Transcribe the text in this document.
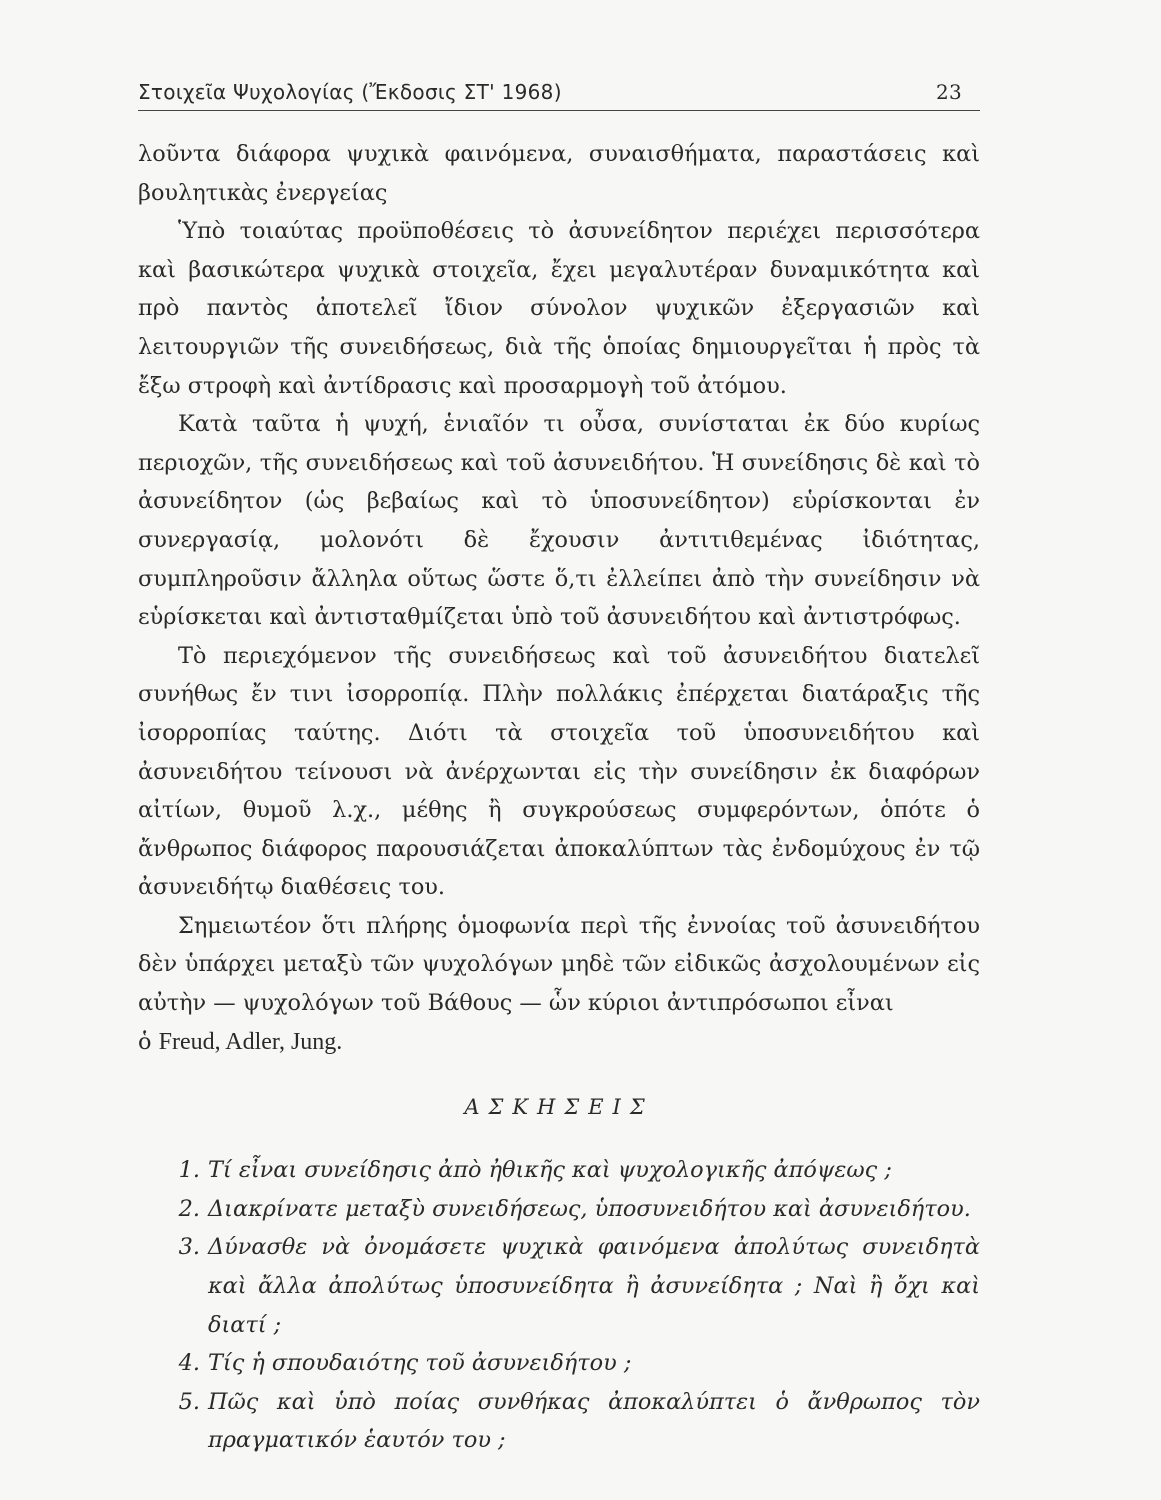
Στοιχεῖα Ψυχολογίας (Ἔκδοσις ΣΤ' 1968)	23

λοῦντα διάφορα ψυχικὰ φαινόμενα, συναισθήματα, παραστάσεις καὶ βουλητικὰς ἐνεργείας

Ὑπὸ τοιαύτας προϋποθέσεις τὸ ἀσυνείδητον περιέχει περισσότερα καὶ βασικώτερα ψυχικὰ στοιχεῖα, ἔχει μεγαλυτέραν δυναμικότητα καὶ πρὸ παντὸς ἀποτελεῖ ἴδιον σύνολον ψυχικῶν ἐξεργασιῶν καὶ λειτουργιῶν τῆς συνειδήσεως, διὰ τῆς ὁποίας δημιουργεῖται ἡ πρὸς τὰ ἔξω στροφὴ καὶ ἀντίδρασις καὶ προσαρμογὴ τοῦ ἀτόμου.

Κατὰ ταῦτα ἡ ψυχή, ἑνιαῖόν τι οὖσα, συνίσταται ἐκ δύο κυρίως περιοχῶν, τῆς συνειδήσεως καὶ τοῦ ἀσυνειδήτου. Ἡ συνείδησις δὲ καὶ τὸ ἀσυνείδητον (ὡς βεβαίως καὶ τὸ ὑποσυνείδητον) εὑρίσκονται ἐν συνεργασίᾳ, μολονότι δὲ ἔχουσιν ἀντιτιθεμένας ἰδιότητας, συμπληροῦσιν ἄλληλα οὕτως ὥστε ὅ,τι ἐλλείπει ἀπὸ τὴν συνείδησιν νὰ εὑρίσκεται καὶ ἀντισταθμίζεται ὑπὸ τοῦ ἀσυνειδήτου καὶ ἀντιστρόφως.

Τὸ περιεχόμενον τῆς συνειδήσεως καὶ τοῦ ἀσυνειδήτου διατελεῖ συνήθως ἔν τινι ἰσορροπίᾳ. Πλὴν πολλάκις ἐπέρχεται διατάραξις τῆς ἰσορροπίας ταύτης. Διότι τὰ στοιχεῖα τοῦ ὑποσυνειδήτου καὶ ἀσυνειδήτου τείνουσι νὰ ἀνέρχωνται εἰς τὴν συνείδησιν ἐκ διαφόρων αἰτίων, θυμοῦ λ.χ., μέθης ἢ συγκρούσεως συμφερόντων, ὁπότε ὁ ἄνθρωπος διάφορος παρουσιάζεται ἀποκαλύπτων τὰς ἐνδομύχους ἐν τῷ ἀσυνειδήτῳ διαθέσεις του.

Σημειωτέον ὅτι πλήρης ὁμοφωνία περὶ τῆς ἐννοίας τοῦ ἀσυνειδήτου δὲν ὑπάρχει μεταξὺ τῶν ψυχολόγων μηδὲ τῶν εἰδικῶς ἀσχολουμένων εἰς αὐτὴν — ψυχολόγων τοῦ Βάθους — ὧν κύριοι ἀντιπρόσωποι εἶναι

ὁ Freud, Adler, Jung.

ΑΣΚΗΣΕΙΣ
1. Τί εἶναι συνείδησις ἀπὸ ἠθικῆς καὶ ψυχολογικῆς ἀπόψεως ;
2. Διακρίνατε μεταξὺ συνειδήσεως, ὑποσυνειδήτου καὶ ἀσυνειδήτου.
3. Δύνασθε νὰ ὀνομάσετε ψυχικὰ φαινόμενα ἀπολύτως συνειδητὰ καὶ ἄλλα ἀπολύτως ὑποσυνείδητα ἢ ἀσυνείδητα ; Ναὶ ἢ ὄχι καὶ διατί ;
4. Τίς ἡ σπουδαιότης τοῦ ἀσυνειδήτου ;
5. Πῶς καὶ ὑπὸ ποίας συνθήκας ἀποκαλύπτει ὁ ἄνθρωπος τὸν πραγματικόν ἑαυτόν του ;
